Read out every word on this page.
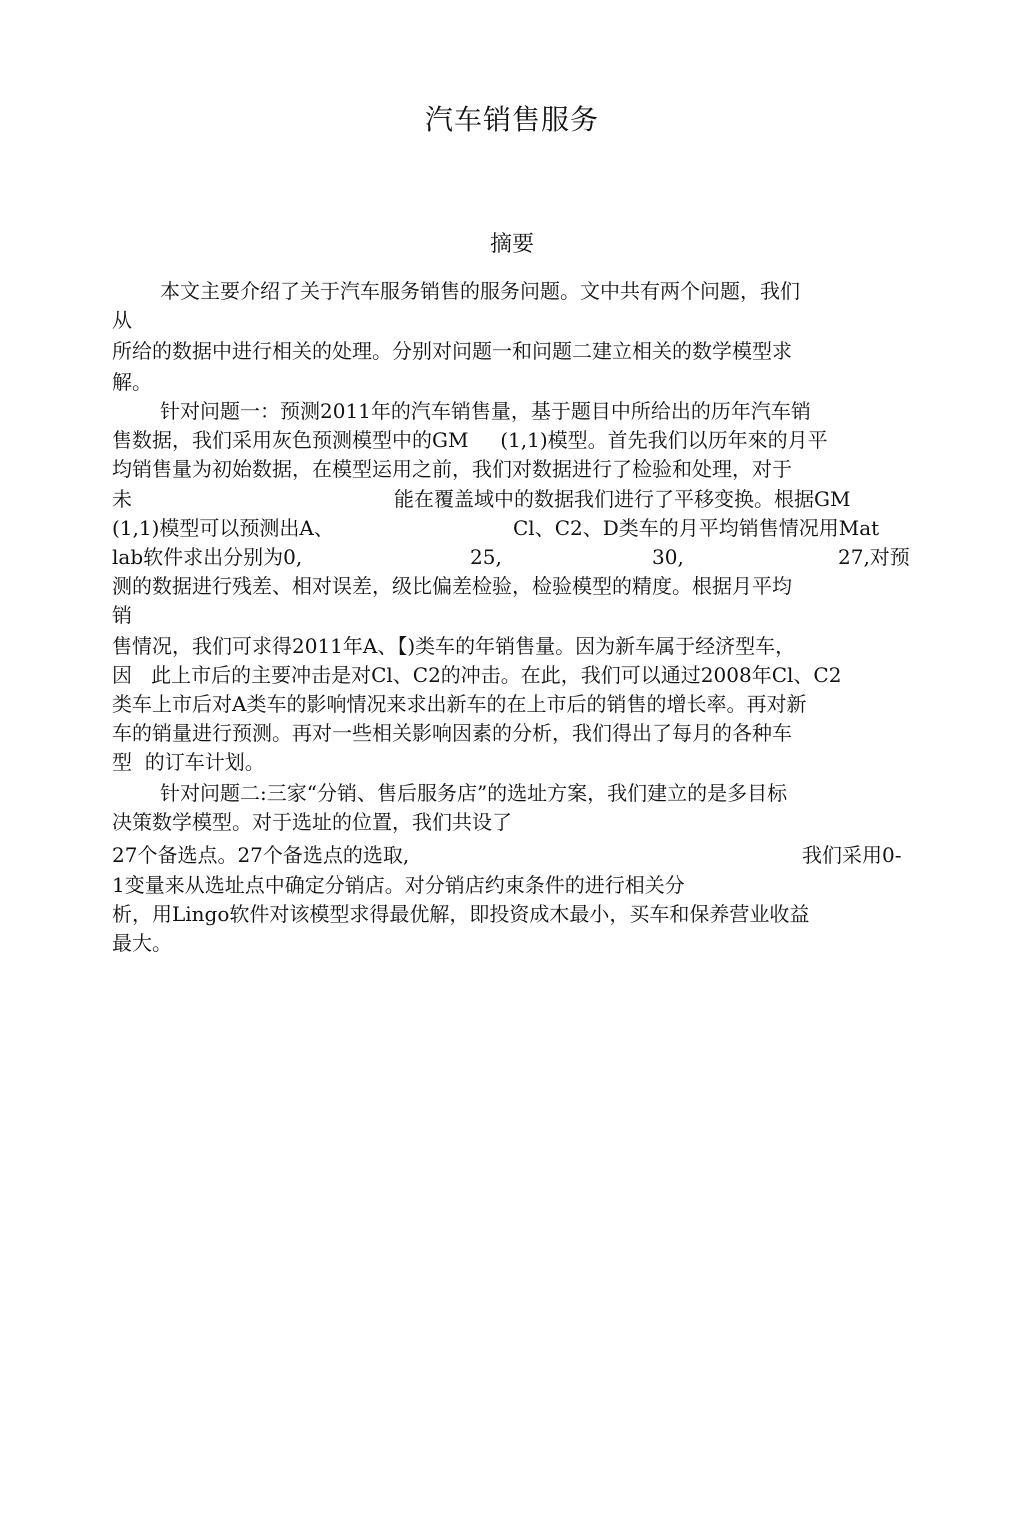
汽车销售服务
摘要
本文主要介绍了关于汽车服务销售的服务问题。文中共有两个问题，我们
从
所给的数据中进行相关的处理。分别对问题一和问题二建立相关的数学模型求
解。
针对问题一：预测2011年的汽车销售量，基于题目中所给出的历年汽车销
售数据，我们采用灰色预测模型中的GM     (1,1)模型。首先我们以历年來的月平
均销售量为初始数据，在模型运用之前，我们对数据进行了检验和处理，对于
未	能在覆盖域中的数据我们进行了平移变换。根据GM
(1,1)模型可以预测出A、	Cl、C2、D类车的月平均销售情况用Mat
lab软件求出分别为0,	25,	30,	27,对预
测的数据进行残差、相对误差，级比偏差检验，检验模型的精度。根据月平均
销
售情况，我们可求得2011年A、【)类车的年销售量。因为新车属于经济型车，
因   此上市后的主要冲击是对Cl、C2的冲击。在此，我们可以通过2008年Cl、C2
类车上市后对A类车的影响情况来求出新车的在上市后的销售的增长率。再对新
车的销量进行预测。再对一些相关影响因素的分析，我们得出了每月的各种车
型  的订车计划。
针对问题二:三家“分销、售后服务店”的选址方案，我们建立的是多目标
决策数学模型。对于选址的位置，我们共设了
27个备选点。27个备选点的选取,	我们采用0-
1变量来从选址点中确定分销店。对分销店约束条件的进行相关分
析，用Lingo软件对该模型求得最优解，即投资成木最小，买车和保养营业收益
最大。
